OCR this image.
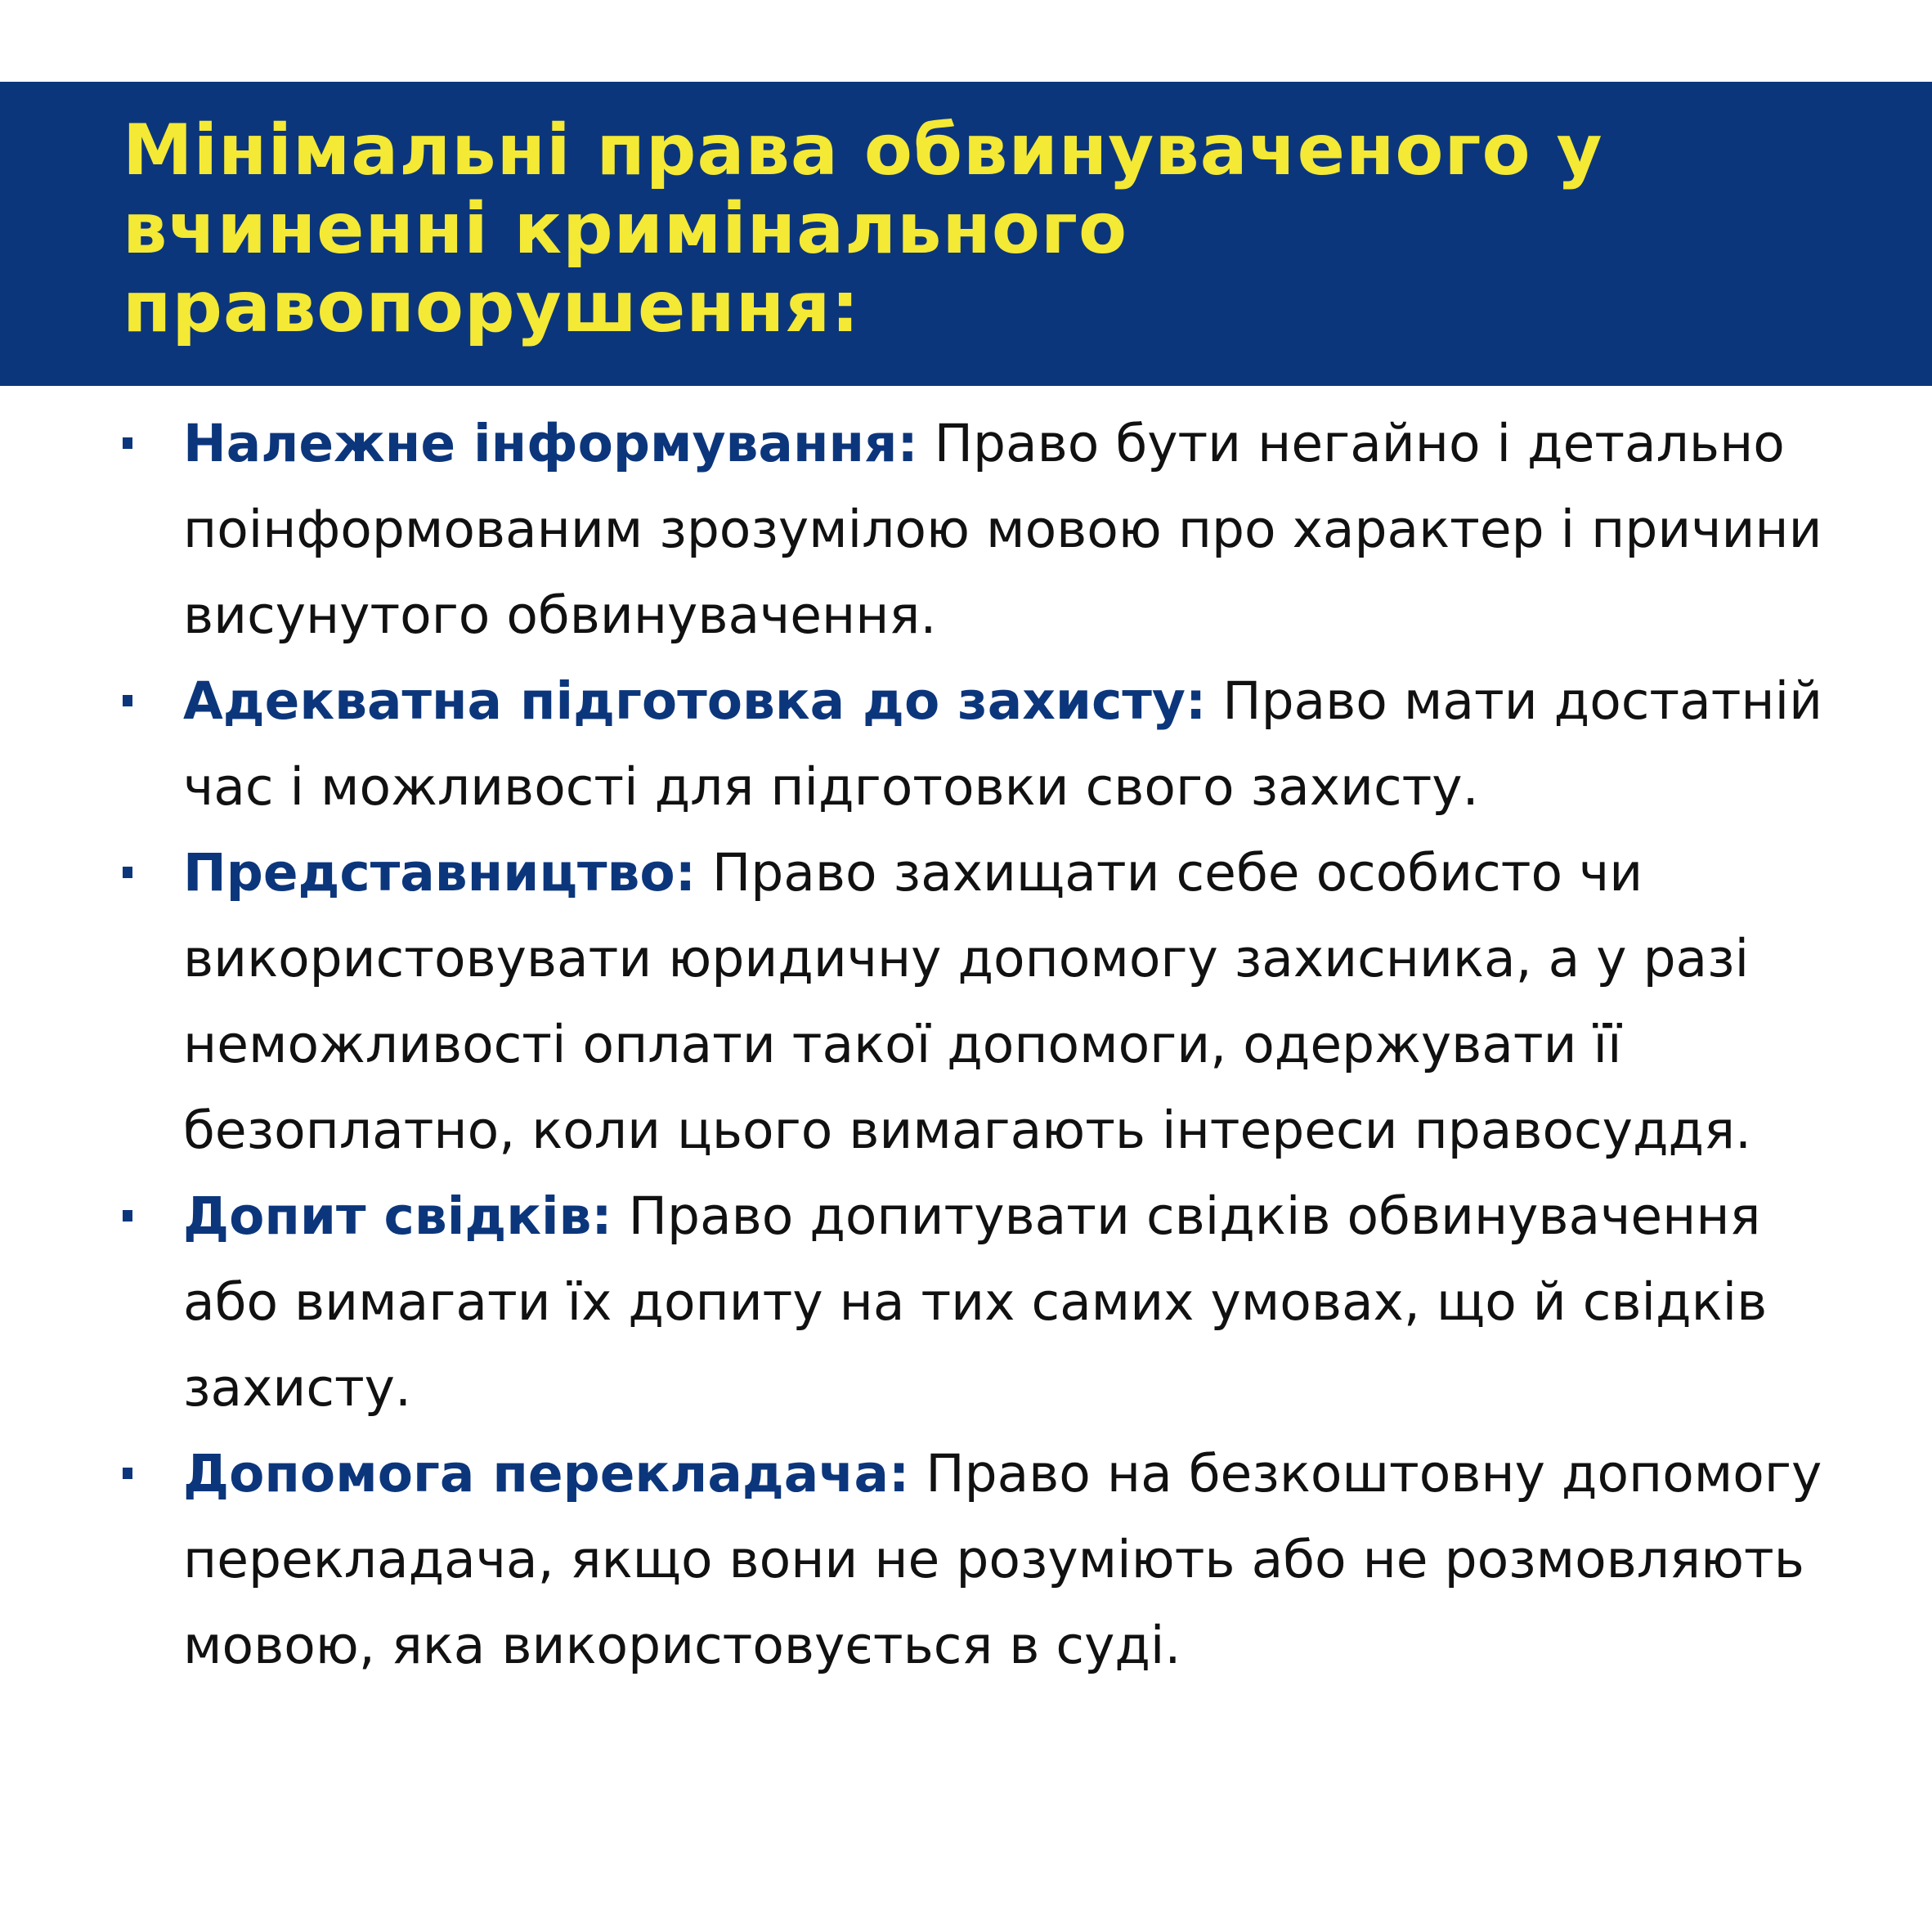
Мінімальні права обвинуваченого у вчиненні кримінального правопорушення:
Належне інформування: Право бути негайно і детально поінформованим зрозумілою мовою про характер і причини висунутого обвинувачення.
Адекватна підготовка до захисту: Право мати достатній час і можливості для підготовки свого захисту.
Представництво: Право захищати себе особисто чи використовувати юридичну допомогу захисника, а у разі неможливості оплати такої допомоги, одержувати її безоплатно, коли цього вимагають інтереси правосуддя.
Допит свідків: Право допитувати свідків обвинувачення або вимагати їх допиту на тих самих умовах, що й свідків захисту.
Допомога перекладача: Право на безкоштовну допомогу перекладача, якщо вони не розуміють або не розмовляють мовою, яка використовується в суді.
